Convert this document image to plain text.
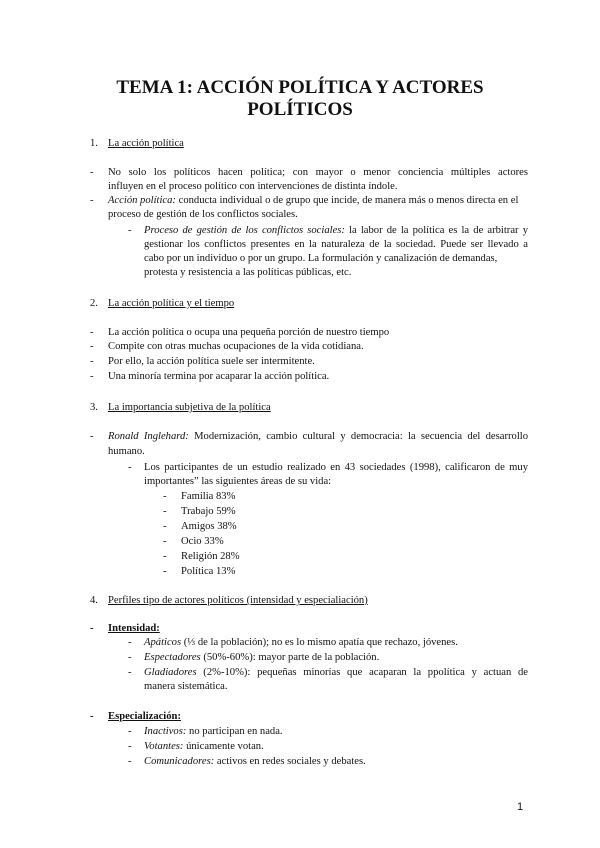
TEMA 1: ACCIÓN POLÍTICA Y ACTORES
POLÍTICOS
1. La acción política
- No solo los políticos hacen política; con mayor o menor conciencia múltiples actores
influyen en el proceso político con intervenciones de distinta índole.
- Acción política: conducta individual o de grupo que incide, de manera más o menos directa en el
proceso de gestión de los conflictos sociales.
- Proceso de gestión de los conflictos sociales: la labor de la política es la de arbitrar y
gestionar los conflictos presentes en la naturaleza de la sociedad. Puede ser llevado a
cabo por un individuo o por un grupo. La formulación y canalización de demandas,
protesta y resistencia a las políticas públicas, etc.
2. La acción política y el tiempo
- La acción política o ocupa una pequeña porción de nuestro tiempo
- Compite con otras muchas ocupaciones de la vida cotidiana.
- Por ello, la acción política suele ser intermitente.
- Una minoría termina por acaparar la acción política.
3. La importancia subjetiva de la política
- Ronald Inglehard: Modernización, cambio cultural y democracia: la secuencia del desarrollo
humano.
- Los participantes de un estudio realizado en 43 sociedades (1998), calificaron de muy
importantes” las siguientes áreas de su vida:
- Familia 83%
- Trabajo 59%
- Amigos 38%
- Ocio 33%
- Religión 28%
- Política 13%
4. Perfiles tipo de actores políticos (intensidad y especialiación)
- Intensidad:
- Apáticos (⅓ de la población); no es lo mismo apatía que rechazo, jóvenes.
- Espectadores (50%-60%): mayor parte de la población.
- Gladiadores (2%-10%): pequeñas minorías que acaparan la ppolítica y actuan de
manera sistemática.
- Especialización:
- Inactivos: no participan en nada.
- Votantes: únicamente votan.
- Comunicadores: activos en redes sociales y debates.
1
